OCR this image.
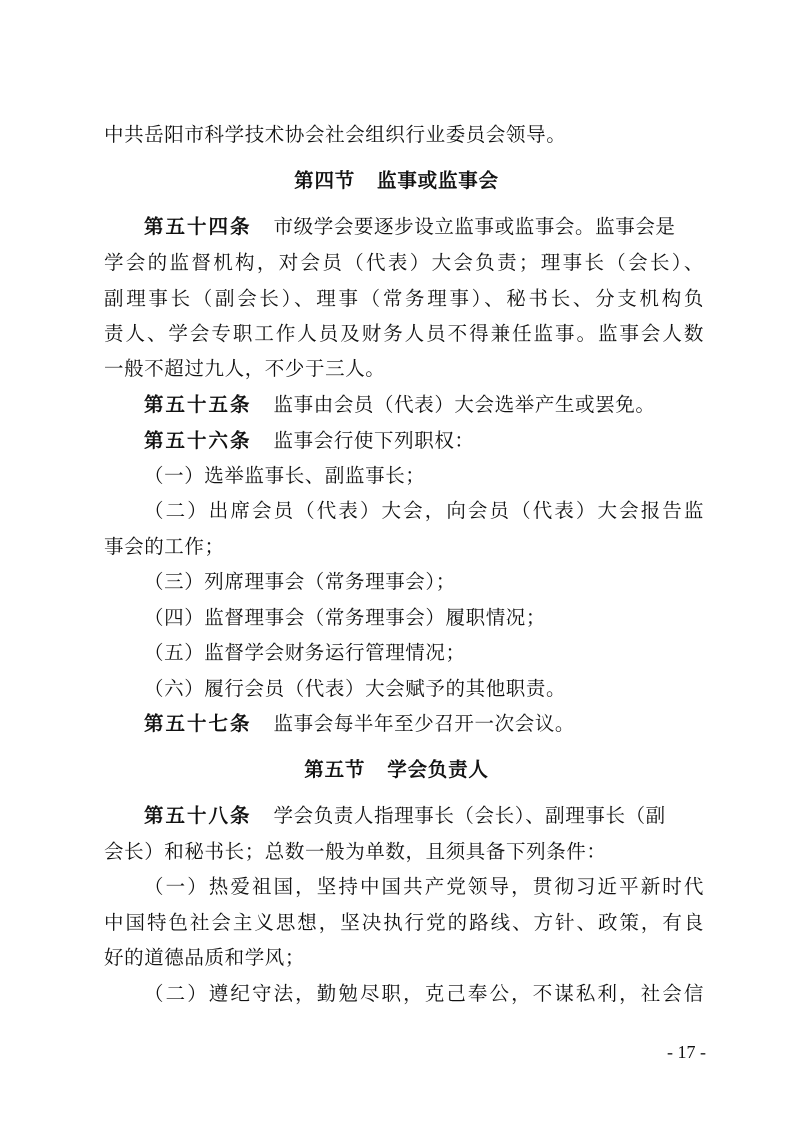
中共岳阳市科学技术协会社会组织行业委员会领导。
第四节 监事或监事会
第五十四条 市级学会要逐步设立监事或监事会。监事会是
学会的监督机构，对会员（代表）大会负责；理事长（会长）、
副理事长（副会长）、理事（常务理事）、秘书长、分支机构负
责人、学会专职工作人员及财务人员不得兼任监事。监事会人数
一般不超过九人，不少于三人。
第五十五条 监事由会员（代表）大会选举产生或罢免。
第五十六条 监事会行使下列职权：
（一）选举监事长、副监事长；
（二）出席会员（代表）大会，向会员（代表）大会报告监
事会的工作；
（三）列席理事会（常务理事会）；
（四）监督理事会（常务理事会）履职情况；
（五）监督学会财务运行管理情况；
（六）履行会员（代表）大会赋予的其他职责。
第五十七条 监事会每半年至少召开一次会议。
第五节 学会负责人
第五十八条 学会负责人指理事长（会长）、副理事长（副
会长）和秘书长；总数一般为单数，且须具备下列条件：
（一）热爱祖国，坚持中国共产党领导，贯彻习近平新时代
中国特色社会主义思想，坚决执行党的路线、方针、政策，有良
好的道德品质和学风；
（二）遵纪守法，勤勉尽职，克己奉公，不谋私利，社会信
- 17 -
